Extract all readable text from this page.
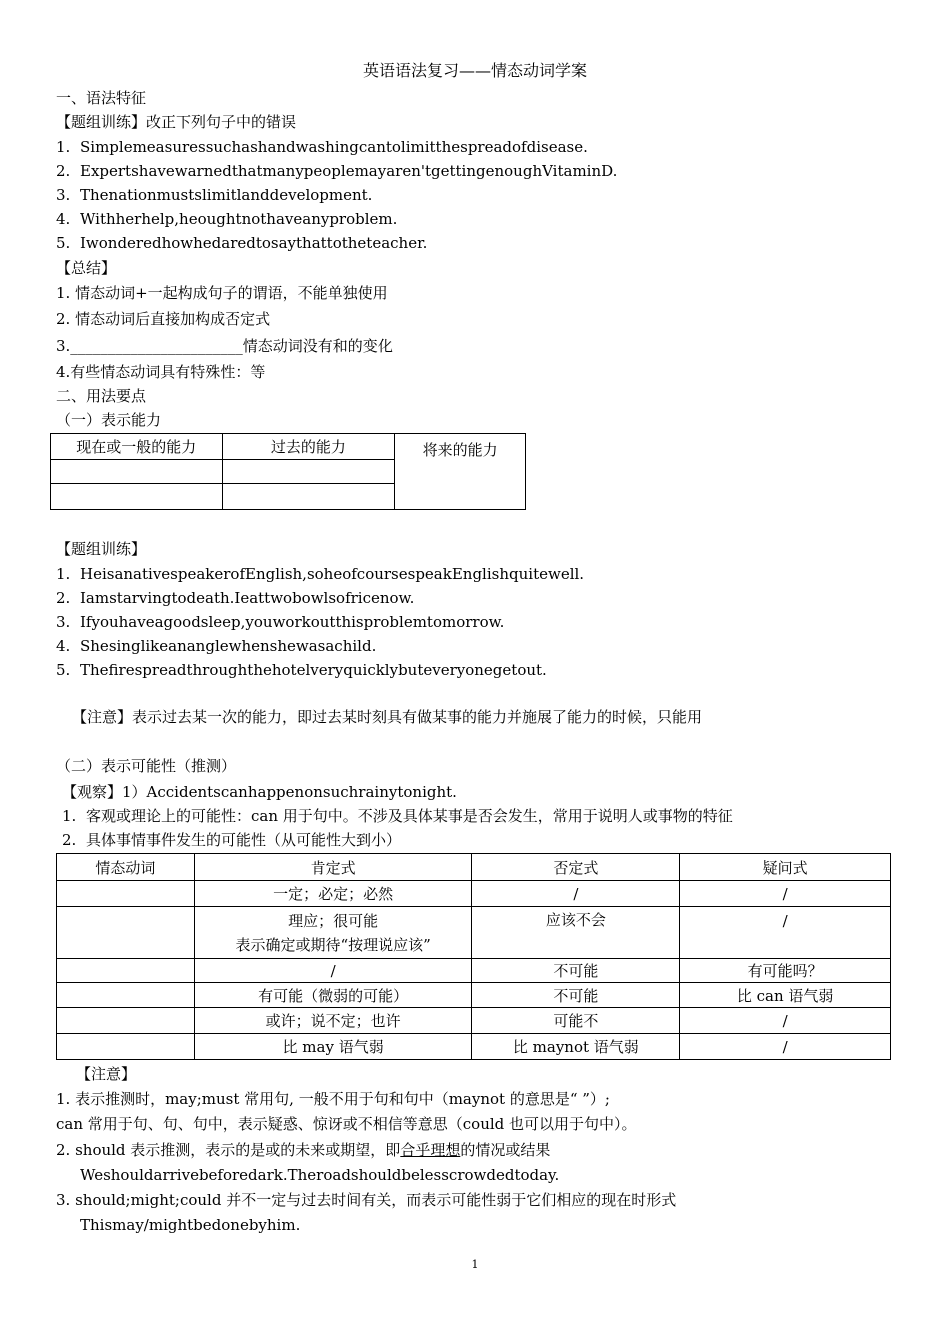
英语语法复习——情态动词学案
一、语法特征
【题组训练】改正下列句子中的错误
1. Simplemeasuressuchashandwashingcantolimitthespreadofdisease.
2. Expertshavewarnedthatmanypeoplemayaren'tgettingenoughVitaminD.
3. Thenationmustslimitlanddevelopment.
4. Withherhelp,heoughtnothaveanyproblem.
5. Iwonderedhowhedaredtosaythattotheteacher.
【总结】
1. 情态动词+一起构成句子的谓语，不能单独使用
2. 情态动词后直接加构成否定式
3._______________________情态动词没有和的变化
4.有些情态动词具有特殊性：等
二、用法要点
（一）表示能力
现在或一般的能力	过去的能力	将来的能力

【题组训练】
1. HeisanativespeakerofEnglish,soheofcoursespeakEnglishquitewell.
2. Iamstarvingtodeath.Ieattwobowlsofricenow.
3. Ifyouhaveagoodsleep,youworkoutthisproblemtomorrow.
4. Shesinglikeananglewhenshewasachild.
5. Thefirespreadthroughthehotelveryquicklybuteveryonegetout.
【注意】表示过去某一次的能力，即过去某时刻具有做某事的能力并施展了能力的时候，只能用
（二）表示可能性（推测）
【观察】1）Accidentscanhappenonsuchrainytonight.
1. 客观或理论上的可能性：can 用于句中。不涉及具体某事是否会发生，常用于说明人或事物的特征
2. 具体事情事件发生的可能性（从可能性大到小）
情态动词	肯定式	否定式	疑问式
	一定；必定；必然	/	/

	理应；很可能
表示确定或期待“按理说应该”	应该不会	/
	/	不可能	有可能吗？
	有可能（微弱的可能）	不可能	比 can 语气弱
	或许；说不定；也许	可能不	/
	比 may 语气弱	比 maynot 语气弱	/
【注意】
1. 表示推测时，may;must 常用句, 一般不用于句和句中（maynot 的意思是“ ”）;
can 常用于句、句、句中，表示疑惑、惊讶或不相信等意思（could 也可以用于句中）。
2. should 表示推测，表示的是或的未来或期望，即合乎理想的情况或结果
Weshouldarrivebeforedark.Theroadshouldbelesscrowdedtoday.
3. should;might;could 并不一定与过去时间有关，而表示可能性弱于它们相应的现在时形式
Thismay/mightbedonebyhim.
1
